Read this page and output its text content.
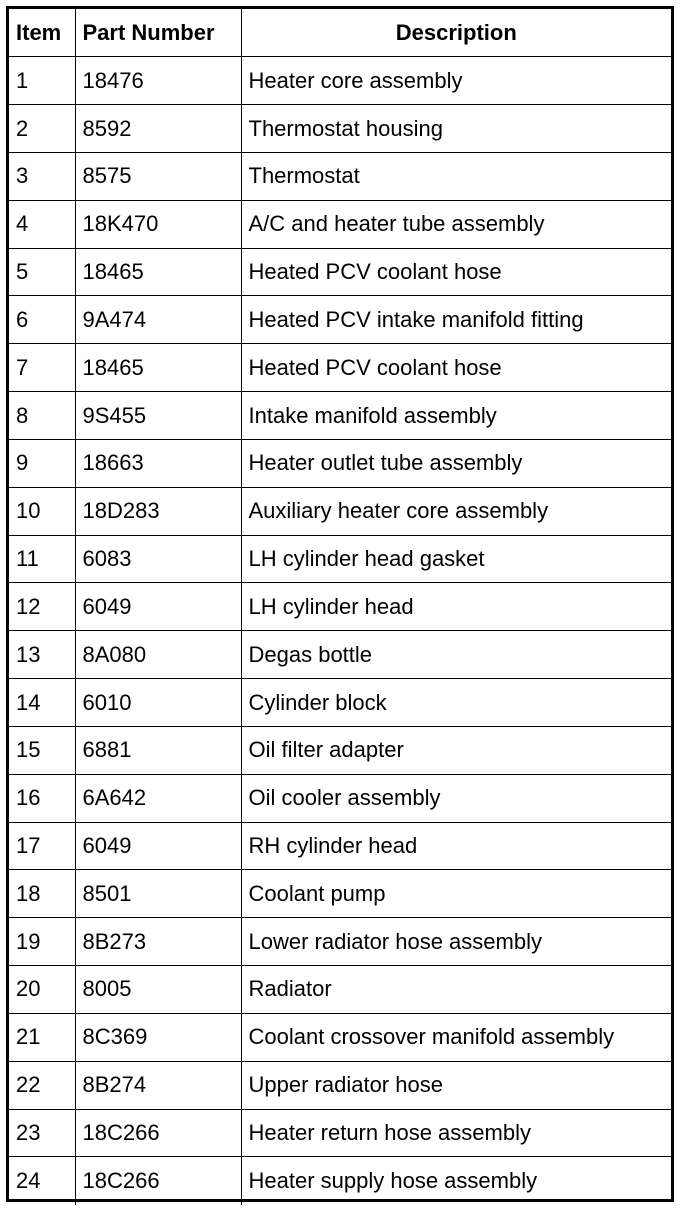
Item	Part Number	Description
1	18476	Heater core assembly
2	8592	Thermostat housing
3	8575	Thermostat
4	18K470	A/C and heater tube assembly
5	18465	Heated PCV coolant hose
6	9A474	Heated PCV intake manifold fitting
7	18465	Heated PCV coolant hose
8	9S455	Intake manifold assembly
9	18663	Heater outlet tube assembly
10	18D283	Auxiliary heater core assembly
11	6083	LH cylinder head gasket
12	6049	LH cylinder head
13	8A080	Degas bottle
14	6010	Cylinder block
15	6881	Oil filter adapter
16	6A642	Oil cooler assembly
17	6049	RH cylinder head
18	8501	Coolant pump
19	8B273	Lower radiator hose assembly
20	8005	Radiator
21	8C369	Coolant crossover manifold assembly
22	8B274	Upper radiator hose
23	18C266	Heater return hose assembly
24	18C266	Heater supply hose assembly
